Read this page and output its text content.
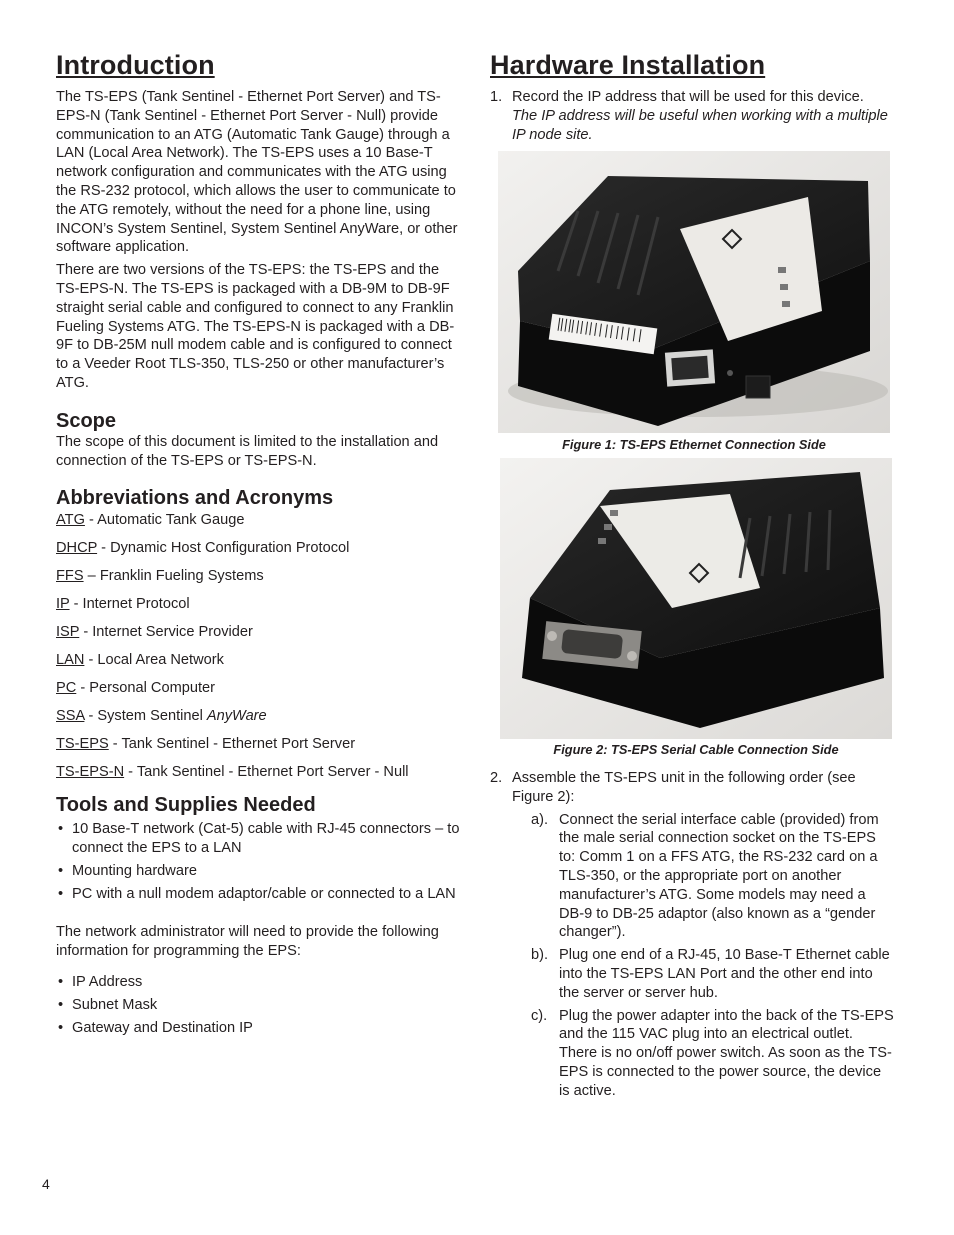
Introduction

The TS-EPS (Tank Sentinel - Ethernet Port Server) and TS-EPS-N (Tank Sentinel - Ethernet Port Server - Null) provide communication to an ATG (Automatic Tank Gauge) through a LAN (Local Area Network). The TS-EPS uses a 10 Base-T network configuration and communicates with the ATG using the RS-232 protocol, which allows the user to communicate to the ATG remotely, without the need for a phone line, using INCON’s System Sentinel, System Sentinel AnyWare, or other software application.

There are two versions of the TS-EPS: the TS-EPS and the TS-EPS-N. The TS-EPS is packaged with a DB-9M to DB-9F straight serial cable and configured to connect to any Franklin Fueling Systems ATG. The TS-EPS-N is packaged with a DB-9F to DB-25M null modem cable and is configured to connect to a Veeder Root TLS-350, TLS-250 or other manufacturer’s ATG.

Scope

The scope of this document is limited to the installation and connection of the TS-EPS or TS-EPS-N.

Abbreviations and Acronyms

ATG - Automatic Tank Gauge

DHCP - Dynamic Host Configuration Protocol

FFS – Franklin Fueling Systems

IP - Internet Protocol

ISP - Internet Service Provider

LAN - Local Area Network

PC - Personal Computer

SSA - System Sentinel AnyWare

TS-EPS - Tank Sentinel - Ethernet Port Server

TS-EPS-N - Tank Sentinel - Ethernet Port Server - Null

Tools and Supplies Needed
• 10 Base-T network (Cat-5) cable with RJ-45 connectors – to connect the EPS to a LAN
• Mounting hardware
• PC with a null modem adaptor/cable or connected to a LAN

The network administrator will need to provide the following information for programming the EPS:

• IP Address
• Subnet Mask
• Gateway and Destination IP
Hardware Installation
1. Record the IP address that will be used for this device.

The IP address will be useful when working with a multiple IP node site.

Figure 1: TS-EPS Ethernet Connection Side
Figure 2: TS-EPS Serial Cable Connection Side
2. Assemble the TS-EPS unit in the following order (see Figure 2):

a). Connect the serial interface cable (provided) from the male serial connection socket on the TS-EPS to: Comm 1 on a FFS ATG, the RS-232 card on a TLS-350, or the appropriate port on another manufacturer’s ATG. Some models may need a DB-9 to DB-25 adaptor (also known as a “gender changer”).
b). Plug one end of a RJ-45, 10 Base-T Ethernet cable into the TS-EPS LAN Port and the other end into the server or server hub.
c). Plug the power adapter into the back of the TS-EPS and the 115 VAC plug into an electrical outlet. There is no on/off power switch. As soon as the TS-EPS is connected to the power source, the device is active.
4
